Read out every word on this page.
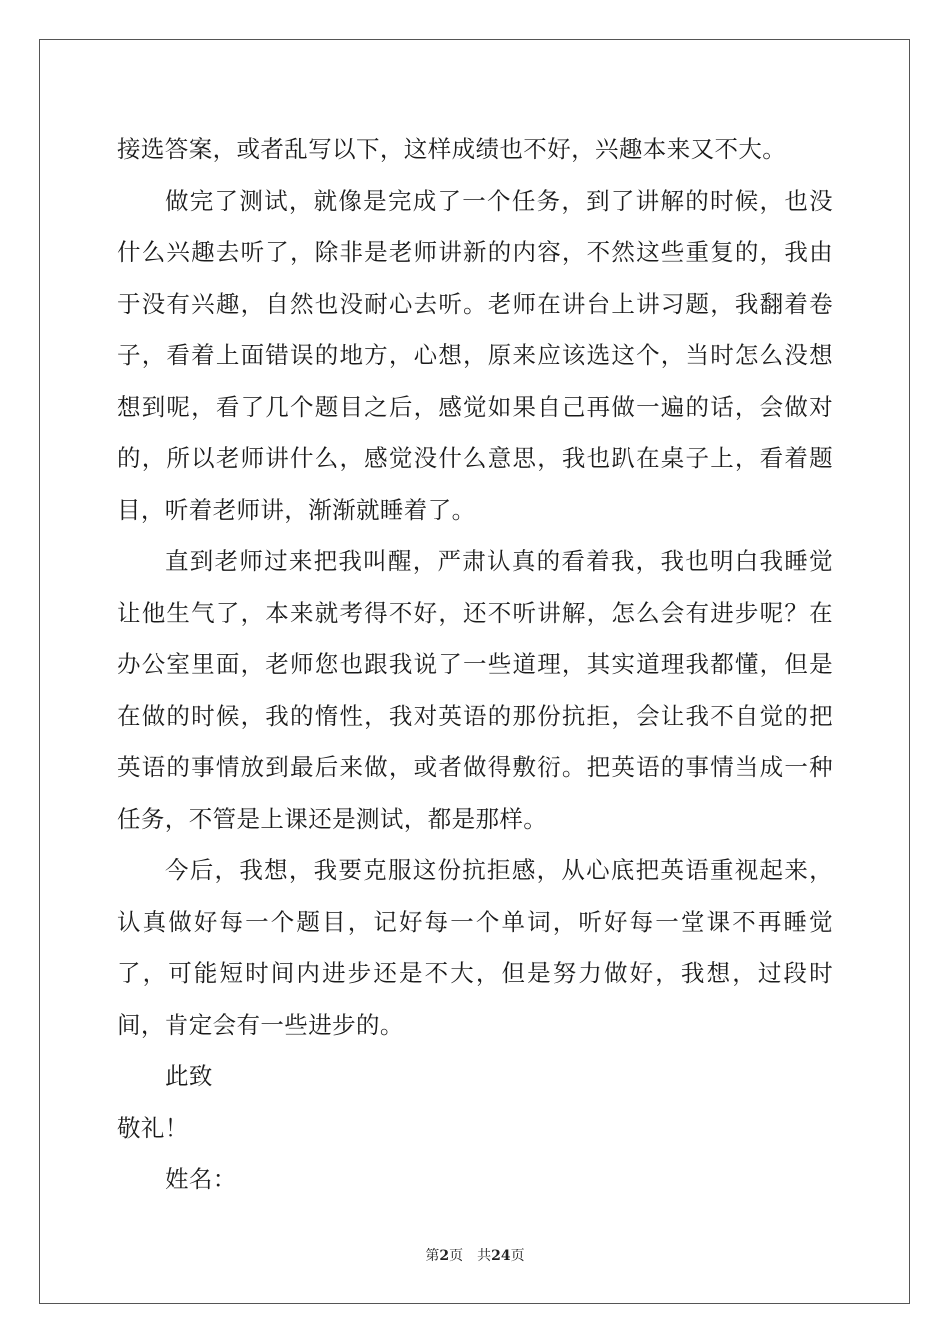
接选答案，或者乱写以下，这样成绩也不好，兴趣本来又不大。

做完了测试，就像是完成了一个任务，到了讲解的时候，也没什么兴趣去听了，除非是老师讲新的内容，不然这些重复的，我由于没有兴趣，自然也没耐心去听。老师在讲台上讲习题，我翻着卷子，看着上面错误的地方，心想，原来应该选这个，当时怎么没想想到呢，看了几个题目之后，感觉如果自己再做一遍的话，会做对的，所以老师讲什么，感觉没什么意思，我也趴在桌子上，看着题目，听着老师讲，渐渐就睡着了。

直到老师过来把我叫醒，严肃认真的看着我，我也明白我睡觉让他生气了，本来就考得不好，还不听讲解，怎么会有进步呢？在办公室里面，老师您也跟我说了一些道理，其实道理我都懂，但是在做的时候，我的惰性，我对英语的那份抗拒，会让我不自觉的把英语的事情放到最后来做，或者做得敷衍。把英语的事情当成一种任务，不管是上课还是测试，都是那样。

今后，我想，我要克服这份抗拒感，从心底把英语重视起来，认真做好每一个题目，记好每一个单词，听好每一堂课不再睡觉了，可能短时间内进步还是不大，但是努力做好，我想，过段时间，肯定会有一些进步的。

此致

敬礼！

姓名：

第2页 共24页
